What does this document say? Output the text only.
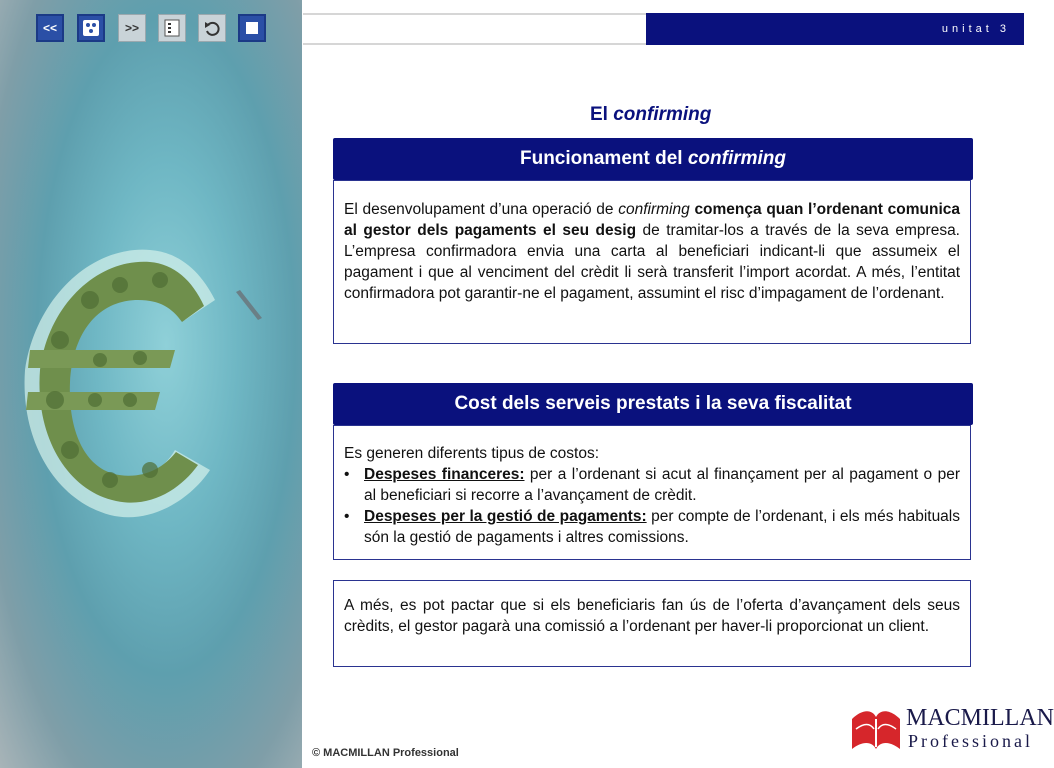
<<	>>	unitat 3
El confirming
Funcionament del confirming
El desenvolupament d’una operació de confirming comença quan l’ordenant comunica al gestor dels pagaments el seu desig de tramitar-los a través de la seva empresa. L’empresa confirmadora envia una carta al beneficiari indicant-li que assumeix el pagament i que al venciment del crèdit li serà transferit l’import acordat. A més, l’entitat confirmadora pot garantir-ne el pagament, assumint el risc d’impagament de l’ordenant.
Cost dels serveis prestats i la seva fiscalitat
Es generen diferents tipus de costos:
• Despeses financeres: per a l’ordenant si acut al finançament per al pagament o per al beneficiari si recorre a l’avançament de crèdit.
• Despeses per la gestió de pagaments: per compte de l’ordenant, i els més habituals són la gestió de pagaments i altres comissions.
A més, es pot pactar que si els beneficiaris fan ús de l’oferta d’avançament dels seus crèdits, el gestor pagarà una comissió a l’ordenant per haver-li proporcionat un client.
© MACMILLAN Professional
MACMILLAN
Professional
